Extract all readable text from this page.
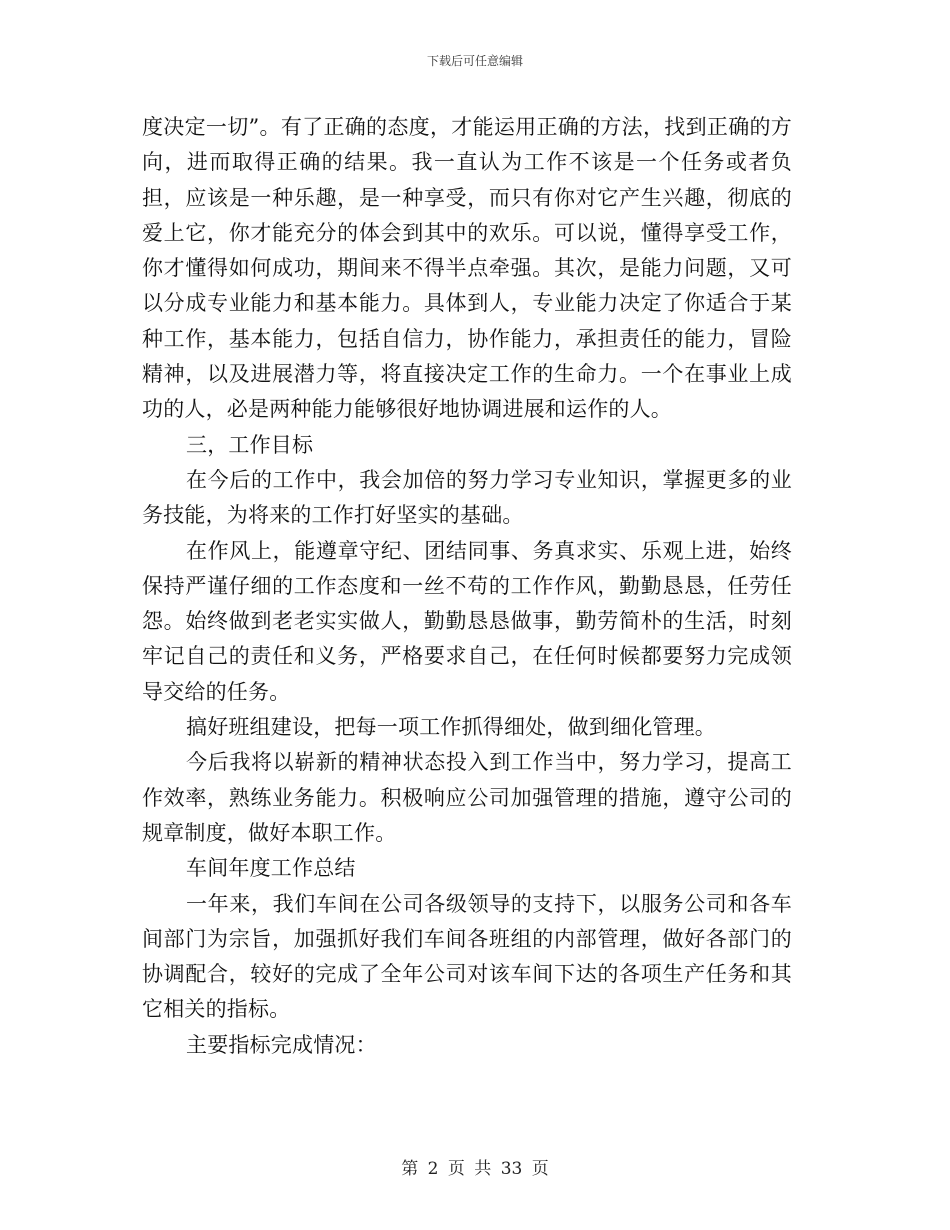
下载后可任意编辑

度决定一切”。有了正确的态度，才能运用正确的方法，找到正确的方向，进而取得正确的结果。我一直认为工作不该是一个任务或者负担，应该是一种乐趣，是一种享受，而只有你对它产生兴趣，彻底的爱上它，你才能充分的体会到其中的欢乐。可以说，懂得享受工作，你才懂得如何成功，期间来不得半点牵强。其次，是能力问题，又可以分成专业能力和基本能力。具体到人，专业能力决定了你适合于某种工作，基本能力，包括自信力，协作能力，承担责任的能力，冒险精神，以及进展潜力等，将直接决定工作的生命力。一个在事业上成功的人，必是两种能力能够很好地协调进展和运作的人。

三，工作目标

在今后的工作中，我会加倍的努力学习专业知识，掌握更多的业务技能，为将来的工作打好坚实的基础。

在作风上，能遵章守纪、团结同事、务真求实、乐观上进，始终保持严谨仔细的工作态度和一丝不苟的工作作风，勤勤恳恳，任劳任怨。始终做到老老实实做人，勤勤恳恳做事，勤劳简朴的生活，时刻牢记自己的责任和义务，严格要求自己，在任何时候都要努力完成领导交给的任务。

搞好班组建设，把每一项工作抓得细处，做到细化管理。

今后我将以崭新的精神状态投入到工作当中，努力学习，提高工作效率，熟练业务能力。积极响应公司加强管理的措施，遵守公司的规章制度，做好本职工作。

车间年度工作总结

一年来，我们车间在公司各级领导的支持下，以服务公司和各车间部门为宗旨，加强抓好我们车间各班组的内部管理，做好各部门的协调配合，较好的完成了全年公司对该车间下达的各项生产任务和其它相关的指标。

主要指标完成情况：

第 2 页 共 33 页
